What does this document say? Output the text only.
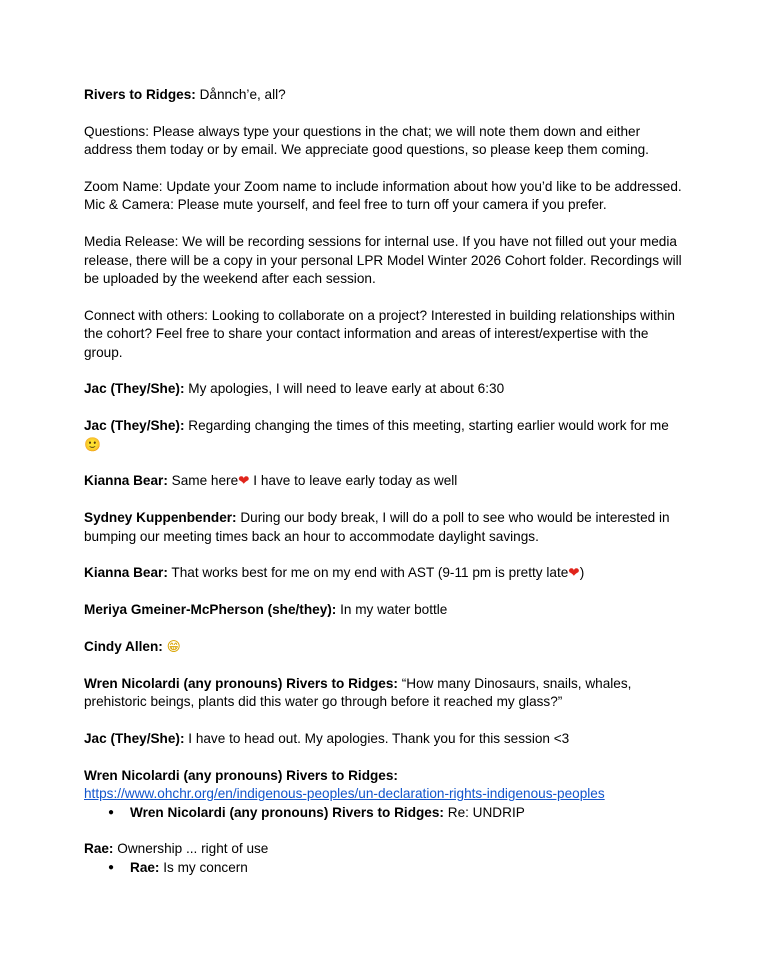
Rivers to Ridges: Dånnch’e, all?

Questions: Please always type your questions in the chat; we will note them down and either address them today or by email. We appreciate good questions, so please keep them coming.

Zoom Name: Update your Zoom name to include information about how you’d like to be addressed.

Mic & Camera: Please mute yourself, and feel free to turn off your camera if you prefer.

Media Release: We will be recording sessions for internal use. If you have not filled out your media release, there will be a copy in your personal LPR Model Winter 2026 Cohort folder. Recordings will be uploaded by the weekend after each session.

Connect with others: Looking to collaborate on a project? Interested in building relationships within the cohort? Feel free to share your contact information and areas of interest/expertise with the group.

Jac (They/She): My apologies, I will need to leave early at about 6:30

Jac (They/She): Regarding changing the times of this meeting, starting earlier would work for me 🙂

Kianna Bear: Same here❤ I have to leave early today as well

Sydney Kuppenbender: During our body break, I will do a poll to see who would be interested in bumping our meeting times back an hour to accommodate daylight savings.

Kianna Bear: That works best for me on my end with AST (9-11 pm is pretty late❤)

Meriya Gmeiner-McPherson (she/they): In my water bottle

Cindy Allen: 😁

Wren Nicolardi (any pronouns) Rivers to Ridges: “How many Dinosaurs, snails, whales, prehistoric beings, plants did this water go through before it reached my glass?”

Jac (They/She): I have to head out. My apologies. Thank you for this session <3

Wren Nicolardi (any pronouns) Rivers to Ridges:
https://www.ohchr.org/en/indigenous-peoples/un-declaration-rights-indigenous-peoples

● Wren Nicolardi (any pronouns) Rivers to Ridges: Re: UNDRIP

Rae: Ownership ... right of use

● Rae: Is my concern
